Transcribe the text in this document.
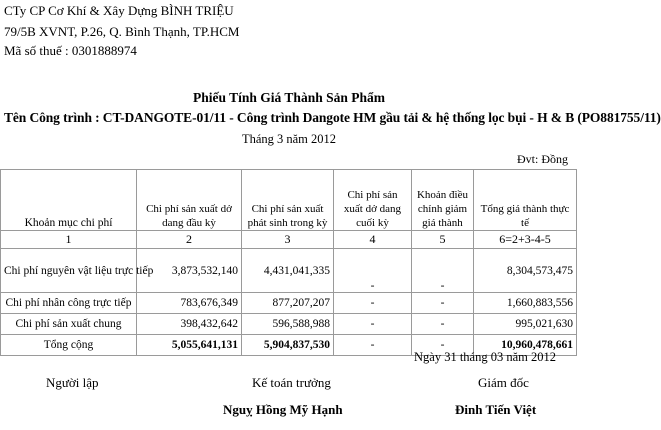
CTy CP Cơ Khí & Xây Dựng BÌNH TRIỆU
79/5B XVNT, P.26, Q. Bình Thạnh, TP.HCM
Mã số thuế : 0301888974
Phiếu Tính Giá Thành Sản Phẩm
Tên Công trình : CT-DANGOTE-01/11 - Công trình Dangote HM gầu tải & hệ thống lọc bụi - H & B (PO881755/11)
Tháng 3 năm 2012
Đvt: Đồng
Khoản mục chi phí	Chi phí sản xuất dở dang đầu kỳ	Chi phí sản xuất phát sinh trong kỳ	Chi phí sản xuất dở dang cuối kỳ	Khoản điều chỉnh giảm giá thành	Tổng giá thành thực tế
1	2	3	4	5	6=2+3-4-5
Chi phí nguyên vật liệu trực tiếp	3,873,532,140	4,431,041,335	-	-	8,304,573,475
Chi phí nhân công trực tiếp	783,676,349	877,207,207	-	-	1,660,883,556
Chi phí sản xuất chung	398,432,642	596,588,988	-	-	995,021,630
Tổng cộng	5,055,641,131	5,904,837,530	-	-	10,960,478,661
Ngày 31 tháng 03 năm 2012
Người lập	Kế toán trưởng	Giám đốc
Nguỵ Hồng Mỹ Hạnh	Đinh Tiến Việt
